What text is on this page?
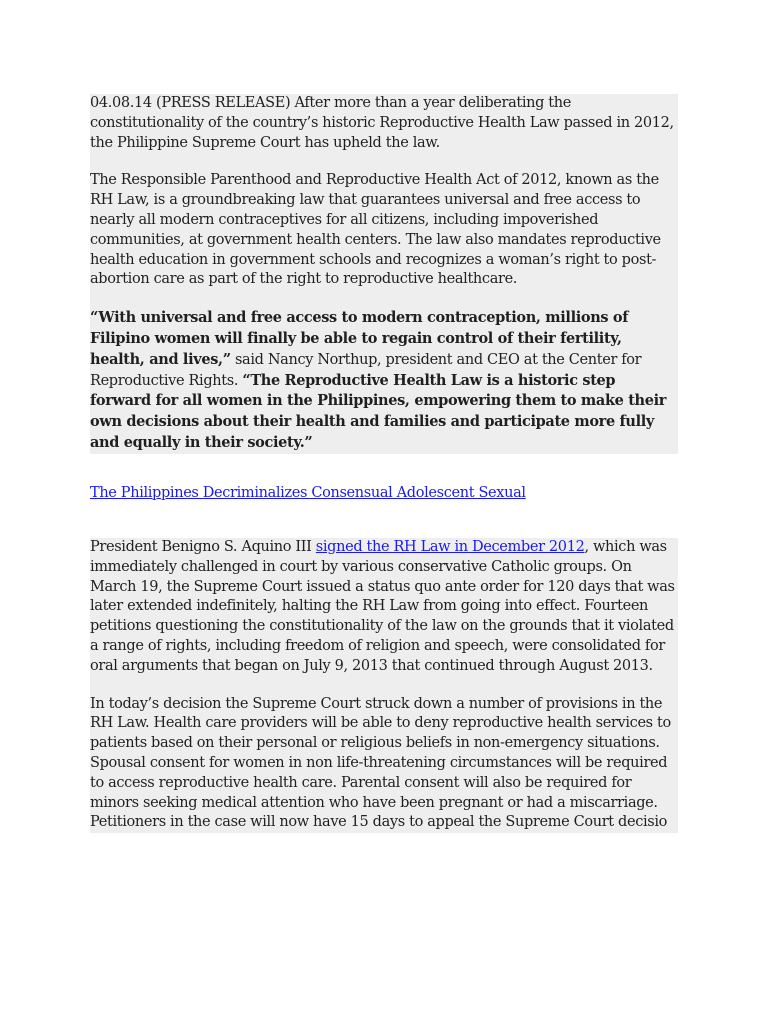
04.08.14 (PRESS RELEASE) After more than a year deliberating the constitutionality of the country’s historic Reproductive Health Law passed in 2012, the Philippine Supreme Court has upheld the law.

The Responsible Parenthood and Reproductive Health Act of 2012, known as the RH Law, is a groundbreaking law that guarantees universal and free access to nearly all modern contraceptives for all citizens, including impoverished communities, at government health centers. The law also mandates reproductive health education in government schools and recognizes a woman’s right to post-abortion care as part of the right to reproductive healthcare.

“With universal and free access to modern contraception, millions of Filipino women will finally be able to regain control of their fertility, health, and lives,” said Nancy Northup, president and CEO at the Center for Reproductive Rights. “The Reproductive Health Law is a historic step forward for all women in the Philippines, empowering them to make their own decisions about their health and families and participate more fully and equally in their society.”

The Philippines Decriminalizes Consensual Adolescent Sexual

President Benigno S. Aquino III signed the RH Law in December 2012, which was immediately challenged in court by various conservative Catholic groups. On March 19, the Supreme Court issued a status quo ante order for 120 days that was later extended indefinitely, halting the RH Law from going into effect. Fourteen petitions questioning the constitutionality of the law on the grounds that it violated a range of rights, including freedom of religion and speech, were consolidated for oral arguments that began on July 9, 2013 that continued through August 2013.

In today’s decision the Supreme Court struck down a number of provisions in the RH Law. Health care providers will be able to deny reproductive health services to patients based on their personal or religious beliefs in non-emergency situations. Spousal consent for women in non life-threatening circumstances will be required to access reproductive health care. Parental consent will also be required for minors seeking medical attention who have been pregnant or had a miscarriage. Petitioners in the case will now have 15 days to appeal the Supreme Court decisio
